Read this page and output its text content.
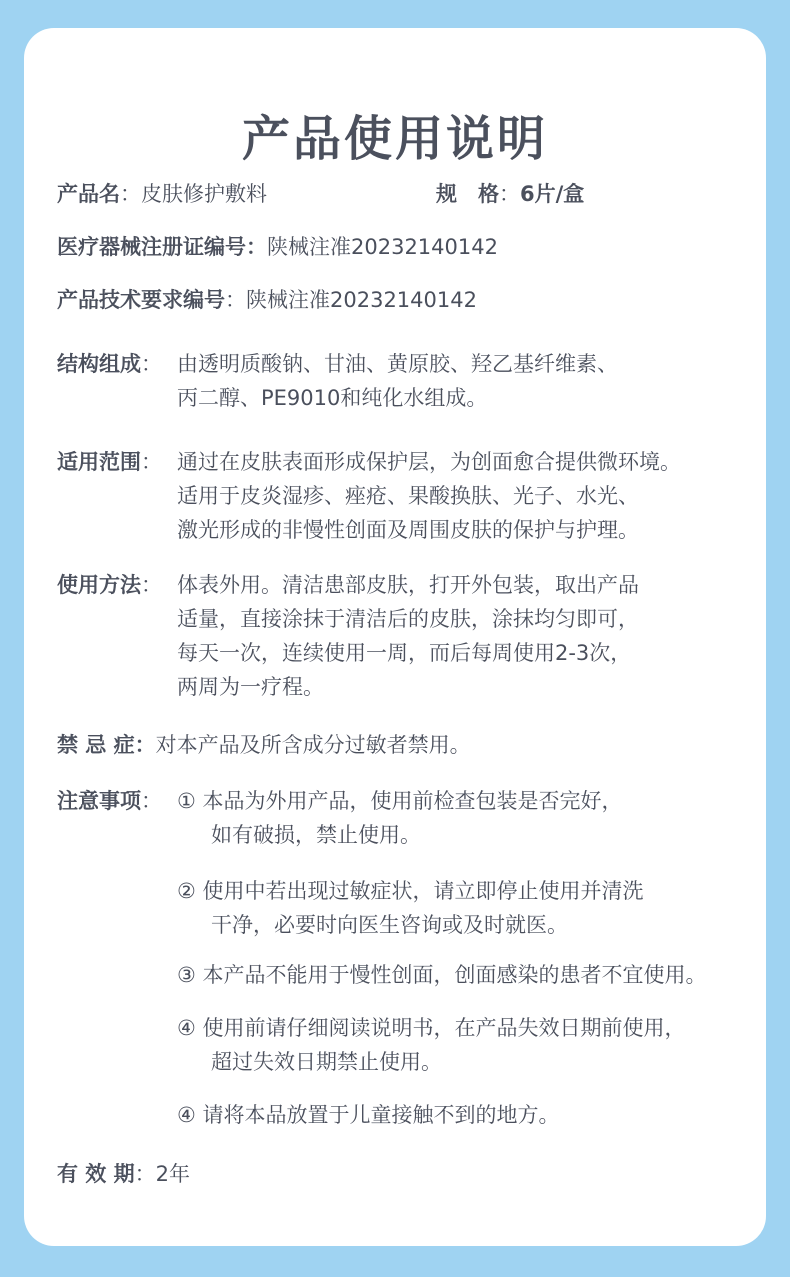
产品使用说明
产品名：皮肤修护敷料	规　格：6片/盒
医疗器械注册证编号：陕械注准20232140142
产品技术要求编号：陕械注准20232140142
结构组成： 由透明质酸钠、甘油、黄原胶、羟乙基纤维素、
丙二醇、PE9010和纯化水组成。
适用范围： 通过在皮肤表面形成保护层，为创面愈合提供微环境。
适用于皮炎湿疹、痤疮、果酸换肤、光子、水光、
激光形成的非慢性创面及周围皮肤的保护与护理。
使用方法： 体表外用。清洁患部皮肤，打开外包装，取出产品
适量，直接涂抹于清洁后的皮肤，涂抹均匀即可，
每天一次，连续使用一周，而后每周使用2-3次，
两周为一疗程。
禁 忌 症：对本产品及所含成分过敏者禁用。
注意事项： ① 本品为外用产品，使用前检查包装是否完好，
如有破损，禁止使用。
② 使用中若出现过敏症状，请立即停止使用并清洗
干净，必要时向医生咨询或及时就医。
③ 本产品不能用于慢性创面，创面感染的患者不宜使用。
④ 使用前请仔细阅读说明书，在产品失效日期前使用，
超过失效日期禁止使用。
④ 请将本品放置于儿童接触不到的地方。
有 效 期：2年
